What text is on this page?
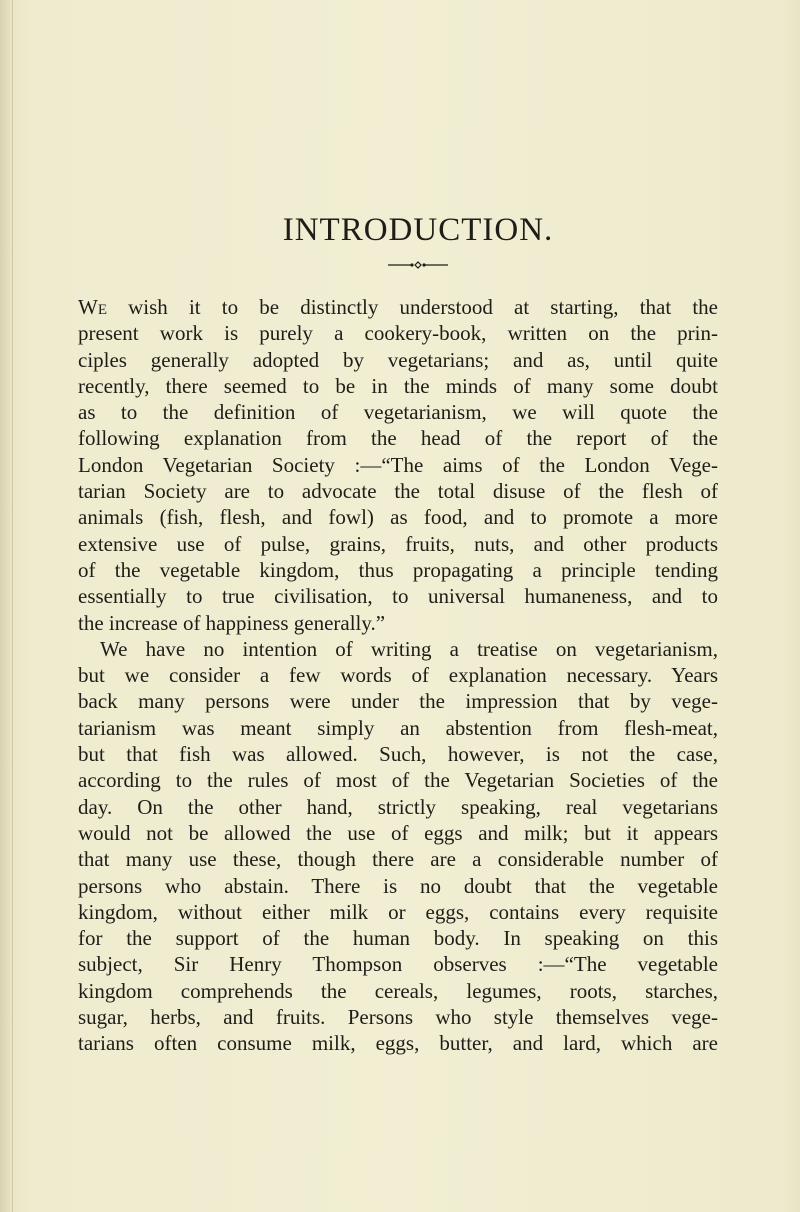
INTRODUCTION.

We wish it to be distinctly understood at starting, that the

present work is purely a cookery-book, written on the prin-

ciples generally adopted by vegetarians; and as, until quite

recently, there seemed to be in the minds of many some doubt

as to the definition of vegetarianism, we will quote the

following explanation from the head of the report of the

London Vegetarian Society :—“The aims of the London Vege-

tarian Society are to advocate the total disuse of the flesh of

animals (fish, flesh, and fowl) as food, and to promote a more

extensive use of pulse, grains, fruits, nuts, and other products

of the vegetable kingdom, thus propagating a principle tending

essentially to true civilisation, to universal humaneness, and to

the increase of happiness generally.”

We have no intention of writing a treatise on vegetarianism,

but we consider a few words of explanation necessary. Years

back many persons were under the impression that by vege-

tarianism was meant simply an abstention from flesh-meat,

but that fish was allowed. Such, however, is not the case,

according to the rules of most of the Vegetarian Societies of the

day. On the other hand, strictly speaking, real vegetarians

would not be allowed the use of eggs and milk; but it appears

that many use these, though there are a considerable number of

persons who abstain. There is no doubt that the vegetable

kingdom, without either milk or eggs, contains every requisite

for the support of the human body. In speaking on this

subject, Sir Henry Thompson observes :—“The vegetable

kingdom comprehends the cereals, legumes, roots, starches,

sugar, herbs, and fruits. Persons who style themselves vege-

tarians often consume milk, eggs, butter, and lard, which are
